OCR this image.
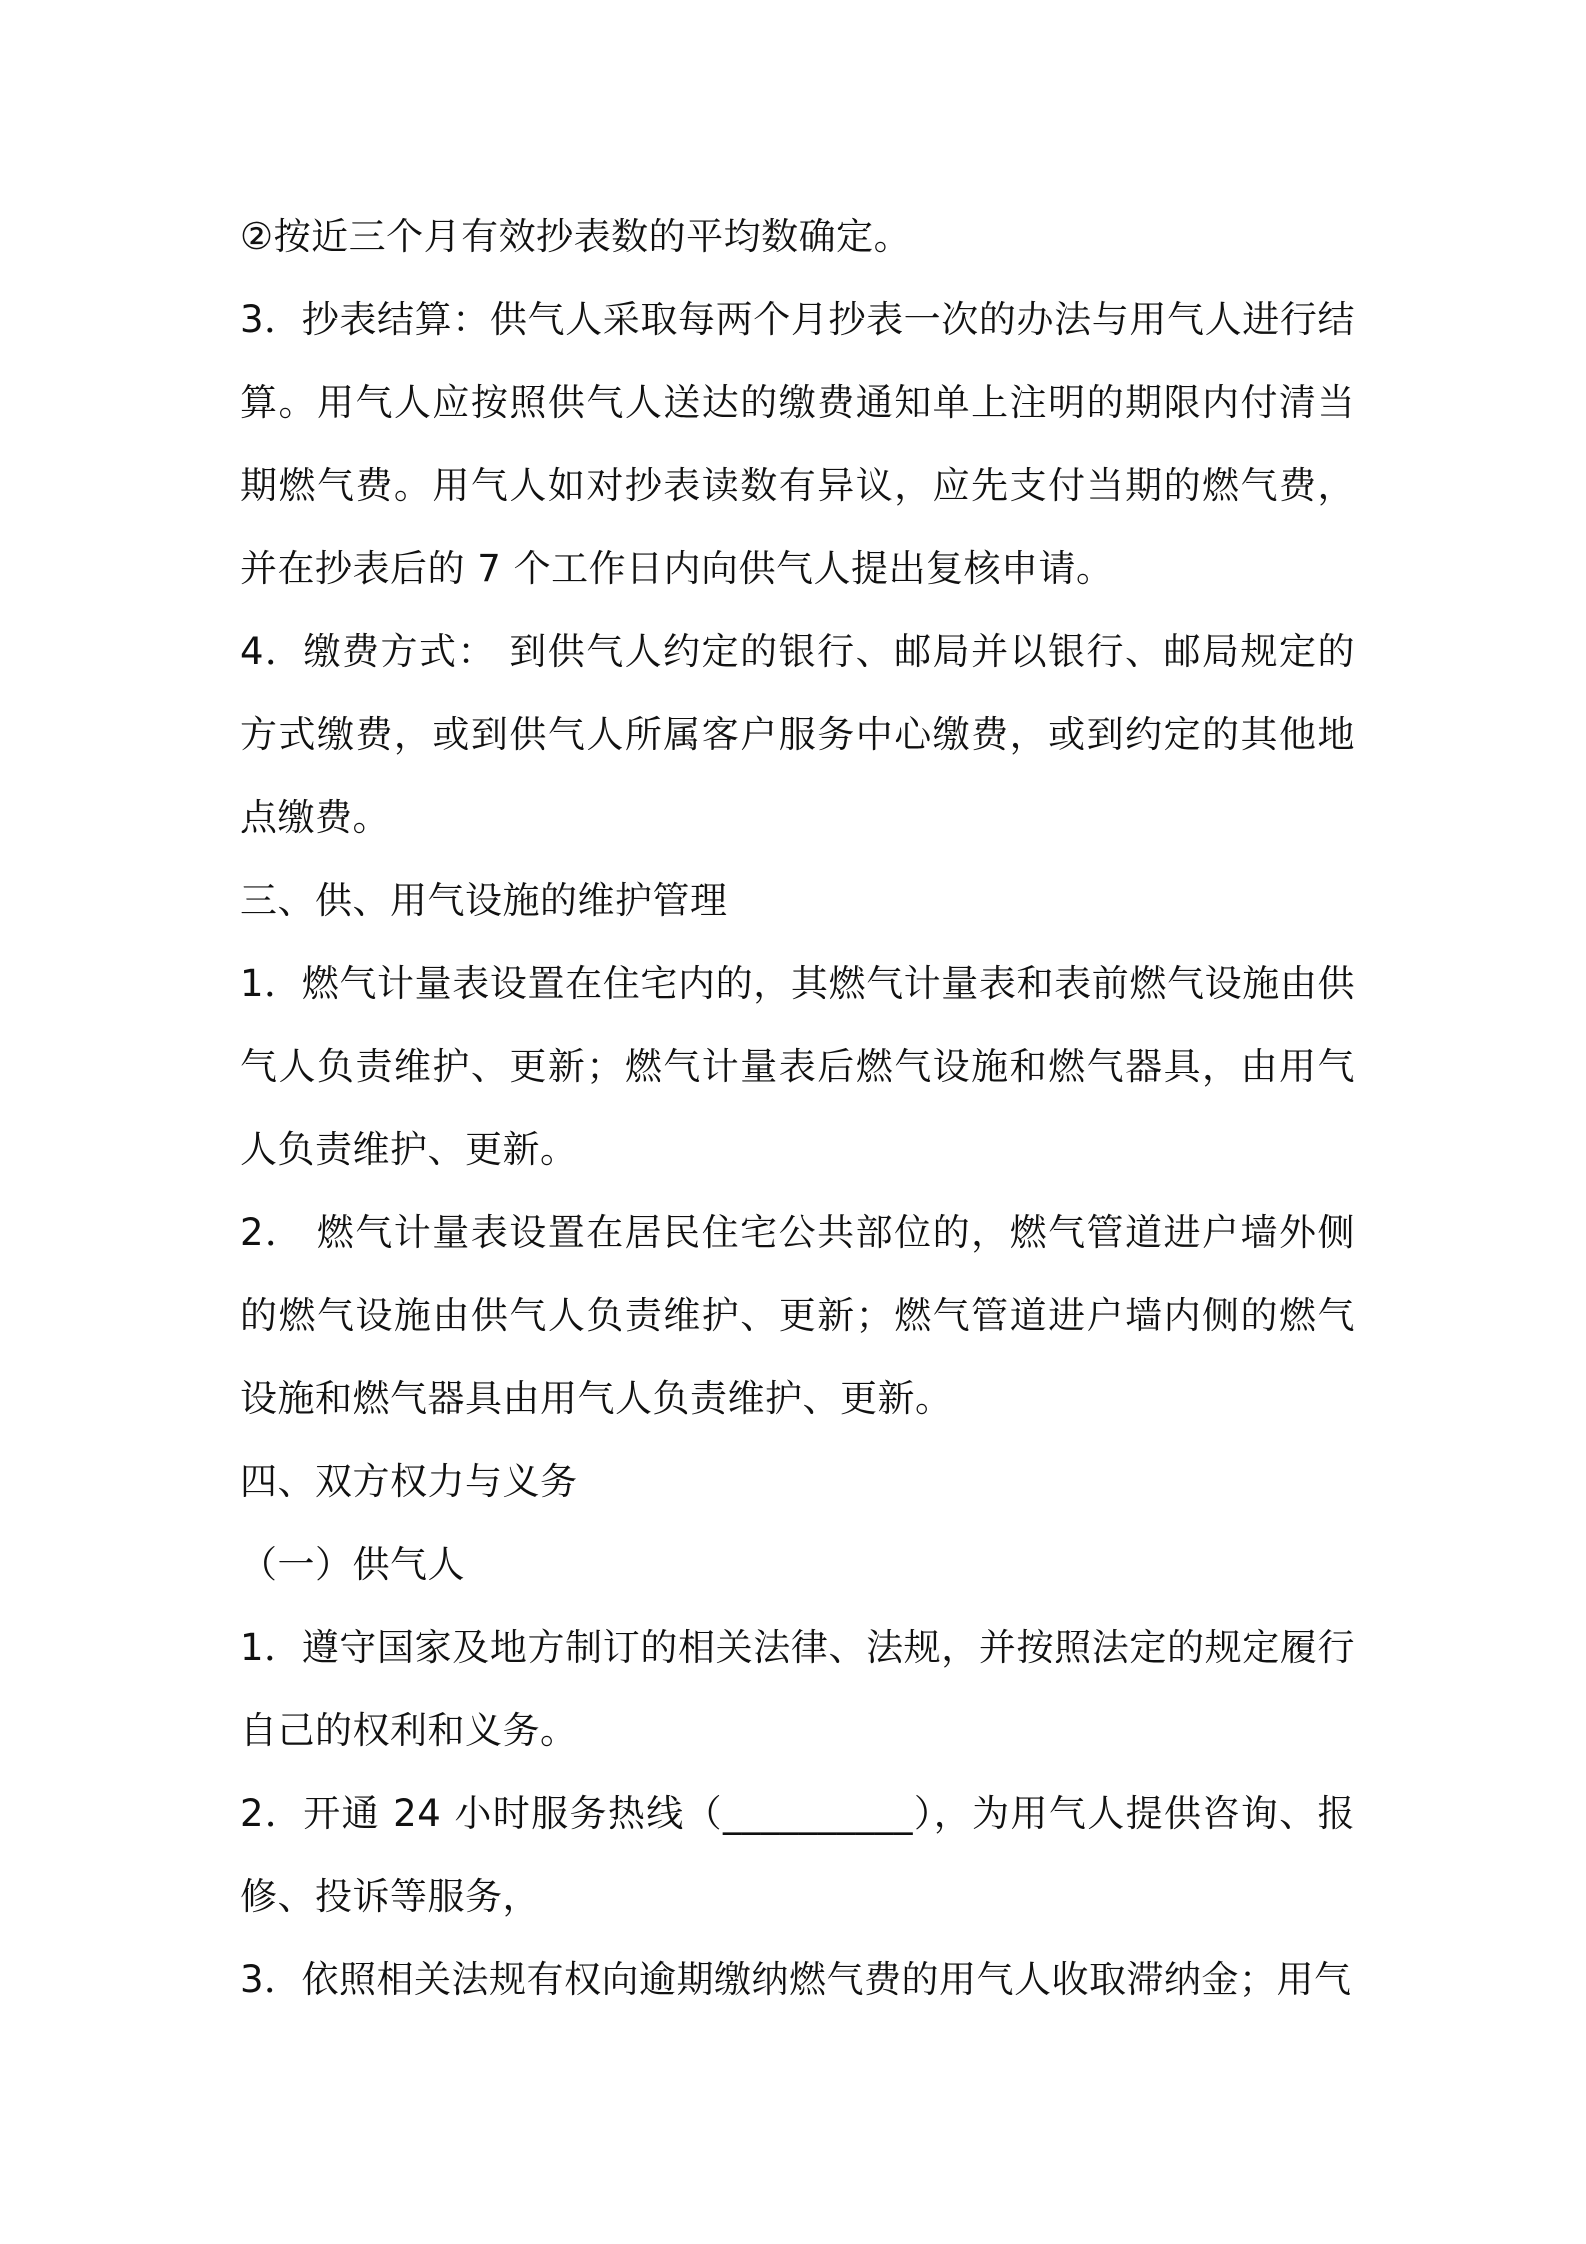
②按近三个月有效抄表数的平均数确定。

3．抄表结算：供气人采取每两个月抄表一次的办法与用气人进行结算。用气人应按照供气人送达的缴费通知单上注明的期限内付清当期燃气费。用气人如对抄表读数有异议，应先支付当期的燃气费，并在抄表后的 7 个工作日内向供气人提出复核申请。

4．缴费方式： 到供气人约定的银行、邮局并以银行、邮局规定的方式缴费，或到供气人所属客户服务中心缴费，或到约定的其他地点缴费。

三、供、用气设施的维护管理

1．燃气计量表设置在住宅内的，其燃气计量表和表前燃气设施由供气人负责维护、更新；燃气计量表后燃气设施和燃气器具，由用气人负责维护、更新。

2． 燃气计量表设置在居民住宅公共部位的，燃气管道进户墙外侧的燃气设施由供气人负责维护、更新；燃气管道进户墙内侧的燃气设施和燃气器具由用气人负责维护、更新。

四、双方权力与义务

（一）供气人

1．遵守国家及地方制订的相关法律、法规，并按照法定的规定履行自己的权利和义务。

2．开通 24 小时服务热线（__________），为用气人提供咨询、报修、投诉等服务，

3．依照相关法规有权向逾期缴纳燃气费的用气人收取滞纳金；用气
